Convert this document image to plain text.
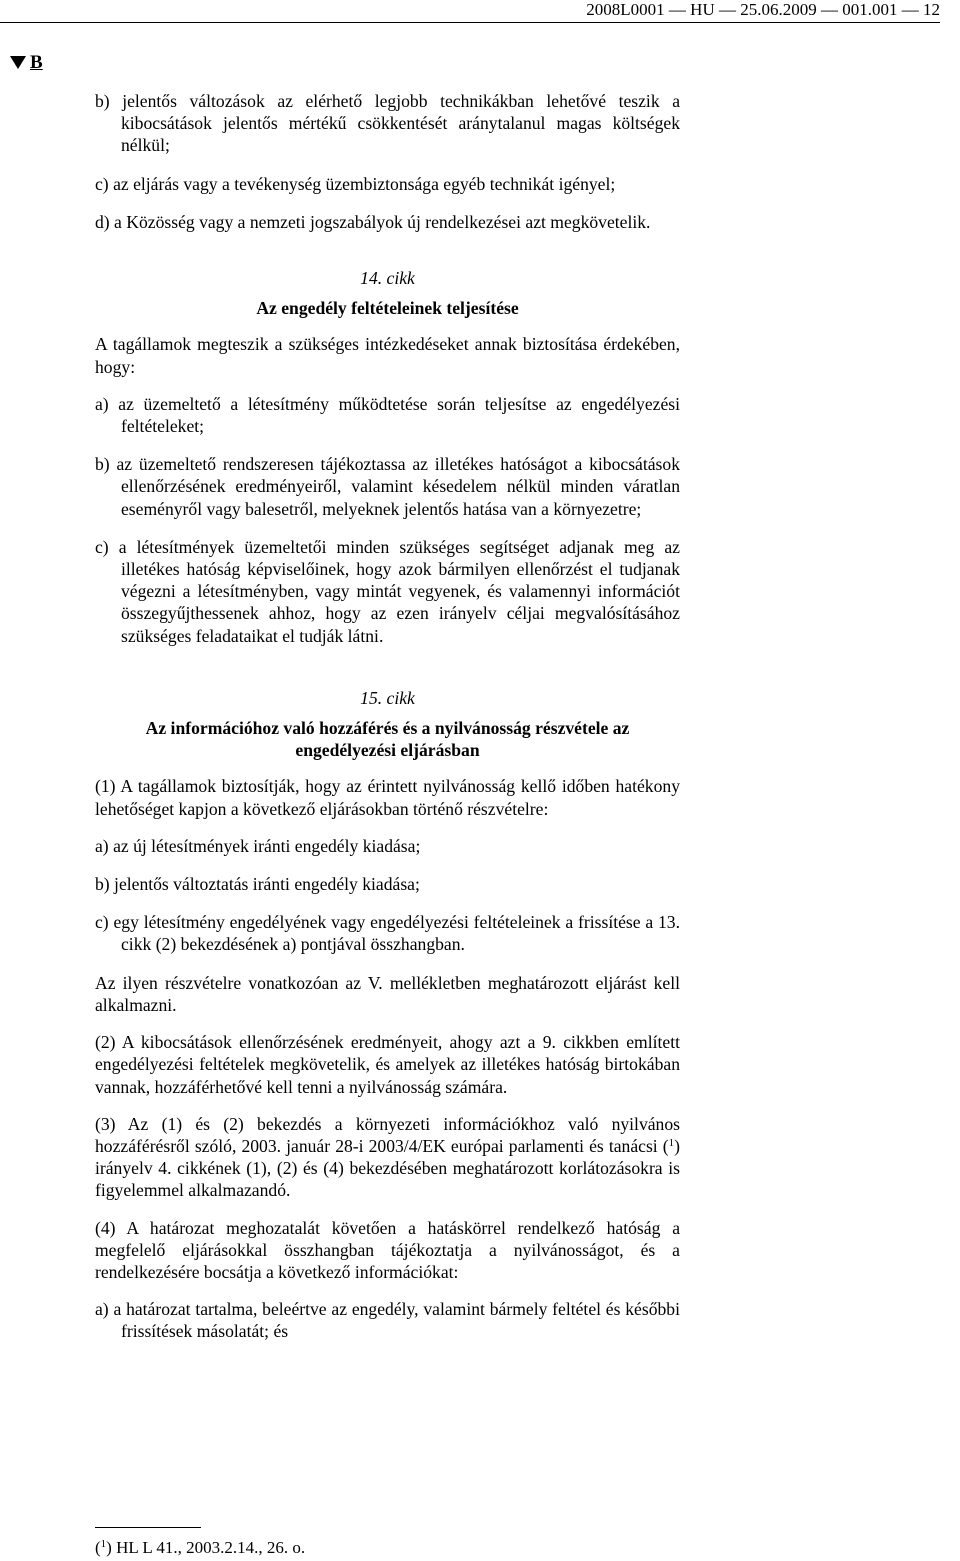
2008L0001 — HU — 25.06.2009 — 001.001 — 12
B
b) jelentős változások az elérhető legjobb technikákban lehetővé teszik a kibocsátások jelentős mértékű csökkentését aránytalanul magas költségek nélkül;
c) az eljárás vagy a tevékenység üzembiztonsága egyéb technikát igényel;
d) a Közösség vagy a nemzeti jogszabályok új rendelkezései azt megkövetelik.
14. cikk
Az engedély feltételeinek teljesítése
A tagállamok megteszik a szükséges intézkedéseket annak biztosítása érdekében, hogy:
a) az üzemeltető a létesítmény működtetése során teljesítse az engedélyezési feltételeket;
b) az üzemeltető rendszeresen tájékoztassa az illetékes hatóságot a kibocsátások ellenőrzésének eredményeiről, valamint késedelem nélkül minden váratlan eseményről vagy balesetről, melyeknek jelentős hatása van a környezetre;
c) a létesítmények üzemeltetői minden szükséges segítséget adjanak meg az illetékes hatóság képviselőinek, hogy azok bármilyen ellenőrzést el tudjanak végezni a létesítményben, vagy mintát vegyenek, és valamennyi információt összegyűjthessenek ahhoz, hogy az ezen irányelv céljai megvalósításához szükséges feladataikat el tudják látni.
15. cikk
Az információhoz való hozzáférés és a nyilvánosság részvétele az engedélyezési eljárásban
(1) A tagállamok biztosítják, hogy az érintett nyilvánosság kellő időben hatékony lehetőséget kapjon a következő eljárásokban történő részvételre:
a) az új létesítmények iránti engedély kiadása;
b) jelentős változtatás iránti engedély kiadása;
c) egy létesítmény engedélyének vagy engedélyezési feltételeinek a frissítése a 13. cikk (2) bekezdésének a) pontjával összhangban.
Az ilyen részvételre vonatkozóan az V. mellékletben meghatározott eljárást kell alkalmazni.
(2) A kibocsátások ellenőrzésének eredményeit, ahogy azt a 9. cikkben említett engedélyezési feltételek megkövetelik, és amelyek az illetékes hatóság birtokában vannak, hozzáférhetővé kell tenni a nyilvánosság számára.
(3) Az (1) és (2) bekezdés a környezeti információkhoz való nyilvános hozzáférésről szóló, 2003. január 28-i 2003/4/EK európai parlamenti és tanácsi ($^1$) irányelv 4. cikkének (1), (2) és (4) bekezdésében meghatározott korlátozásokra is figyelemmel alkalmazandó.
(4) A határozat meghozatalát követően a hatáskörrel rendelkező hatóság a megfelelő eljárásokkal összhangban tájékoztatja a nyilvánosságot, és a rendelkezésére bocsátja a következő információkat:
a) a határozat tartalma, beleértve az engedély, valamint bármely feltétel és későbbi frissítések másolatát; és
($^1$) HL L 41., 2003.2.14., 26. o.
